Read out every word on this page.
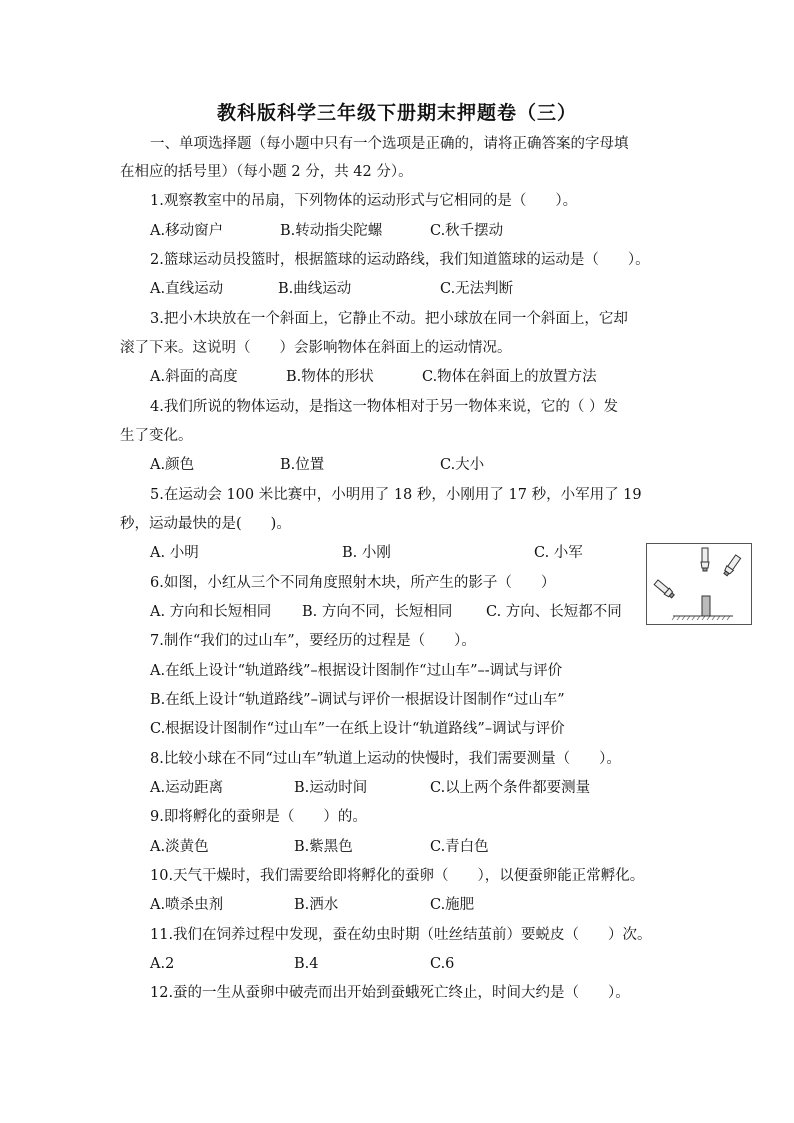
教科版科学三年级下册期末押题卷（三）
一、单项选择题（每小题中只有一个选项是正确的，请将正确答案的字母填
在相应的括号里）（每小题 2 分，共 42 分）。
1.观察教室中的吊扇，下列物体的运动形式与它相同的是（　　）。
A.移动窗户	B.转动指尖陀螺	C.秋千摆动
2.篮球运动员投篮时，根据篮球的运动路线，我们知道篮球的运动是（　　）。
A.直线运动	B.曲线运动	C.无法判断
3.把小木块放在一个斜面上，它静止不动。把小球放在同一个斜面上，它却
滚了下来。这说明（　　）会影响物体在斜面上的运动情况。
A.斜面的高度	B.物体的形状	C.物体在斜面上的放置方法
4.我们所说的物体运动，是指这一物体相对于另一物体来说，它的（ ）发
生了变化。
A.颜色	B.位置	C.大小
5.在运动会 100 米比赛中，小明用了 18 秒，小刚用了 17 秒，小军用了 19
秒，运动最快的是(　　)。
A. 小明	B. 小刚	C. 小军
6.如图，小红从三个不同角度照射木块，所产生的影子（　　）
A. 方向和长短相同 B. 方向不同，长短相同 C. 方向、长短都不同
7.制作“我们的过山车”，要经历的过程是（　　）。
A.在纸上设计“轨道路线”–根据设计图制作“过山车”–-调试与评价
B.在纸上设计“轨道路线”–调试与评价一根据设计图制作“过山车”
C.根据设计图制作“过山车”一在纸上设计“轨道路线”–调试与评价
8.比较小球在不同“过山车”轨道上运动的快慢时，我们需要测量（　　）。
A.运动距离	B.运动时间	C.以上两个条件都要测量
9.即将孵化的蚕卵是（　　）的。
A.淡黄色	B.紫黑色	C.青白色
10.天气干燥时，我们需要给即将孵化的蚕卵（　　），以便蚕卵能正常孵化。
A.喷杀虫剂	B.洒水	C.施肥
11.我们在饲养过程中发现，蚕在幼虫时期（吐丝结茧前）要蜕皮（　　）次。
A.2	B.4	C.6
12.蚕的一生从蚕卵中破壳而出开始到蚕蛾死亡终止，时间大约是（　　）。
